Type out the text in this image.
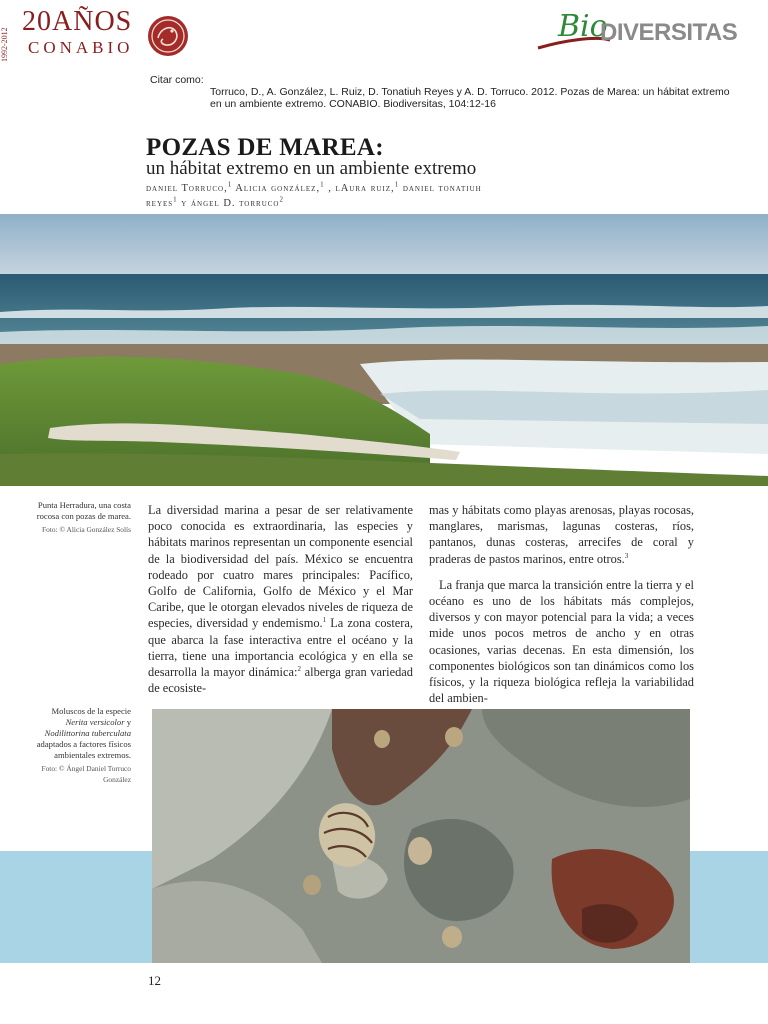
1992-2012
20AÑOS
CONABIO
Bio
DIVERSITAS
Citar como:
Torruco, D., A. González, L. Ruiz, D. Tonatiuh Reyes y A. D. Torruco. 2012. Pozas de Marea: un hábitat extremo en un ambiente extremo. CONABIO. Biodiversitas, 104:12-16
POZAS DE MAREA:
un hábitat extremo en un ambiente extremo
daniel Torruco,$^1$ Alicia gonzález,$^1$ , lAura ruiz,$^1$ daniel tonatiuh
reyes$^1$ y ángel D. torruco$^2$
Punta Herradura, una costa rocosa con pozas de marea.
Foto: © Alicia González Solís

La diversidad marina a pesar de ser relativamente poco conocida es extraordinaria, las especies y hábitats marinos representan un componente esencial de la biodiversidad del país. México se encuentra rodeado por cuatro mares principales: Pacífico, Golfo de California, Golfo de México y el Mar Caribe, que le otorgan elevados niveles de riqueza de especies, diversidad y endemismo.$^1$ La zona costera, que abarca la fase interactiva entre el océano y la tierra, tiene una importancia ecológica y en ella se desarrolla la mayor dinámica:$^2$ alberga gran variedad de ecosiste-

mas y hábitats como playas arenosas, playas rocosas, manglares, marismas, lagunas costeras, ríos, pantanos, dunas costeras, arrecifes de coral y praderas de pastos marinos, entre otros.$^3$

La franja que marca la transición entre la tierra y el océano es uno de los hábitats más complejos, diversos y con mayor potencial para la vida; a veces mide unos pocos metros de ancho y en otras ocasiones, varias decenas. En esta dimensión, los componentes biológicos son tan dinámicos como los físicos, y la riqueza biológica refleja la variabilidad del ambien-

Moluscos de la especie
Nerita versicolor y
Nodilittorina tuberculata adaptados a factores físicos ambientales extremos.
Foto: © Ángel Daniel Torruco González
12
